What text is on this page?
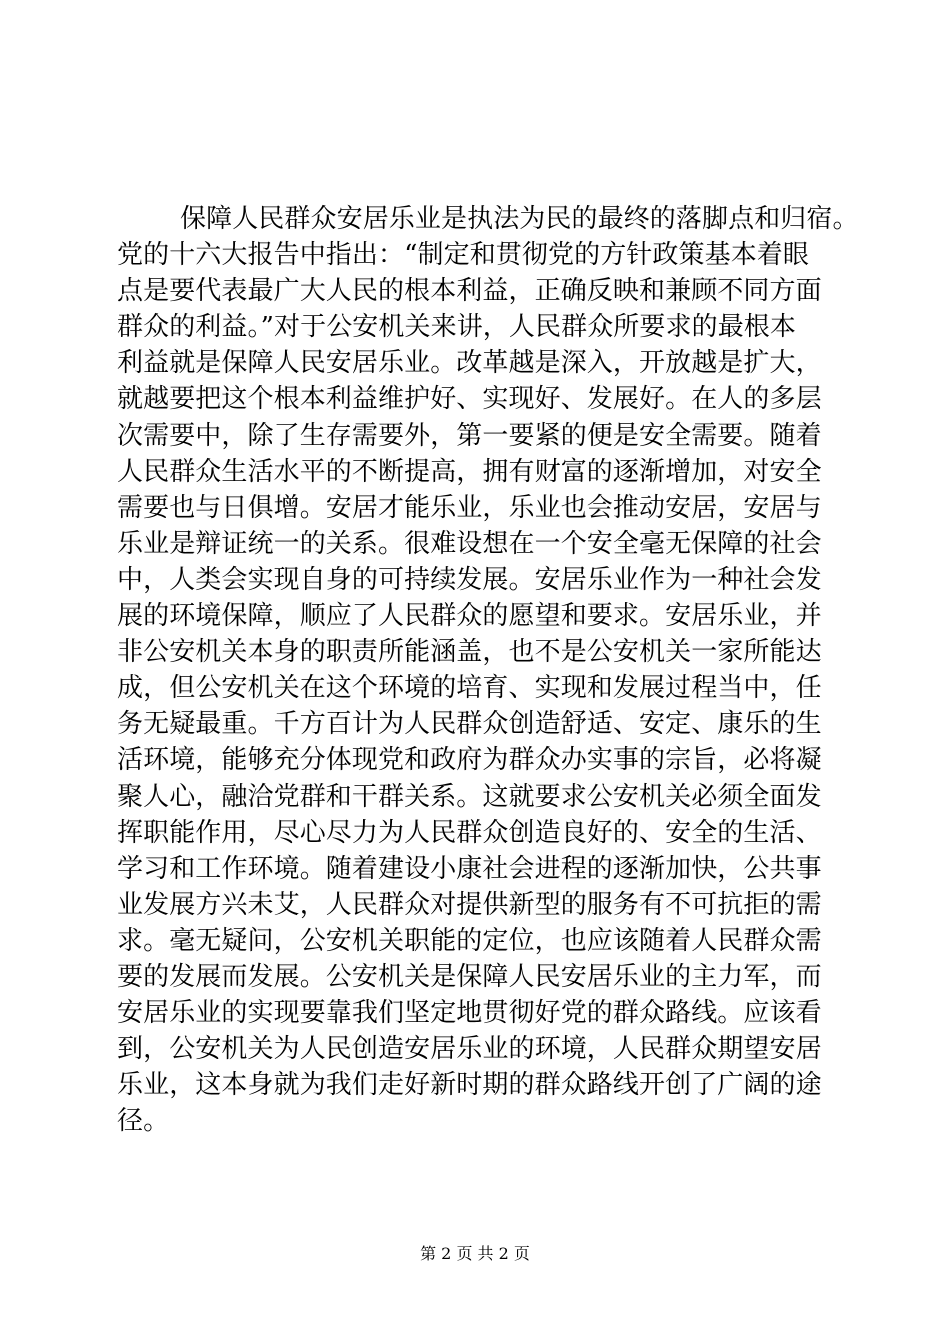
保障人民群众安居乐业是执法为民的最终的落脚点和归宿。
党的十六大报告中指出：“制定和贯彻党的方针政策基本着眼
点是要代表最广大人民的根本利益，正确反映和兼顾不同方面
群众的利益。”对于公安机关来讲，人民群众所要求的最根本
利益就是保障人民安居乐业。改革越是深入，开放越是扩大，
就越要把这个根本利益维护好、实现好、发展好。在人的多层
次需要中，除了生存需要外，第一要紧的便是安全需要。随着
人民群众生活水平的不断提高，拥有财富的逐渐增加，对安全
需要也与日俱增。安居才能乐业，乐业也会推动安居，安居与
乐业是辩证统一的关系。很难设想在一个安全毫无保障的社会
中，人类会实现自身的可持续发展。安居乐业作为一种社会发
展的环境保障，顺应了人民群众的愿望和要求。安居乐业，并
非公安机关本身的职责所能涵盖，也不是公安机关一家所能达
成，但公安机关在这个环境的培育、实现和发展过程当中，任
务无疑最重。千方百计为人民群众创造舒适、安定、康乐的生
活环境，能够充分体现党和政府为群众办实事的宗旨，必将凝
聚人心，融洽党群和干群关系。这就要求公安机关必须全面发
挥职能作用，尽心尽力为人民群众创造良好的、安全的生活、
学习和工作环境。随着建设小康社会进程的逐渐加快，公共事
业发展方兴未艾，人民群众对提供新型的服务有不可抗拒的需
求。毫无疑问，公安机关职能的定位，也应该随着人民群众需
要的发展而发展。公安机关是保障人民安居乐业的主力军，而
安居乐业的实现要靠我们坚定地贯彻好党的群众路线。应该看
到，公安机关为人民创造安居乐业的环境，人民群众期望安居
乐业，这本身就为我们走好新时期的群众路线开创了广阔的途
径。
第 2 页 共 2 页
